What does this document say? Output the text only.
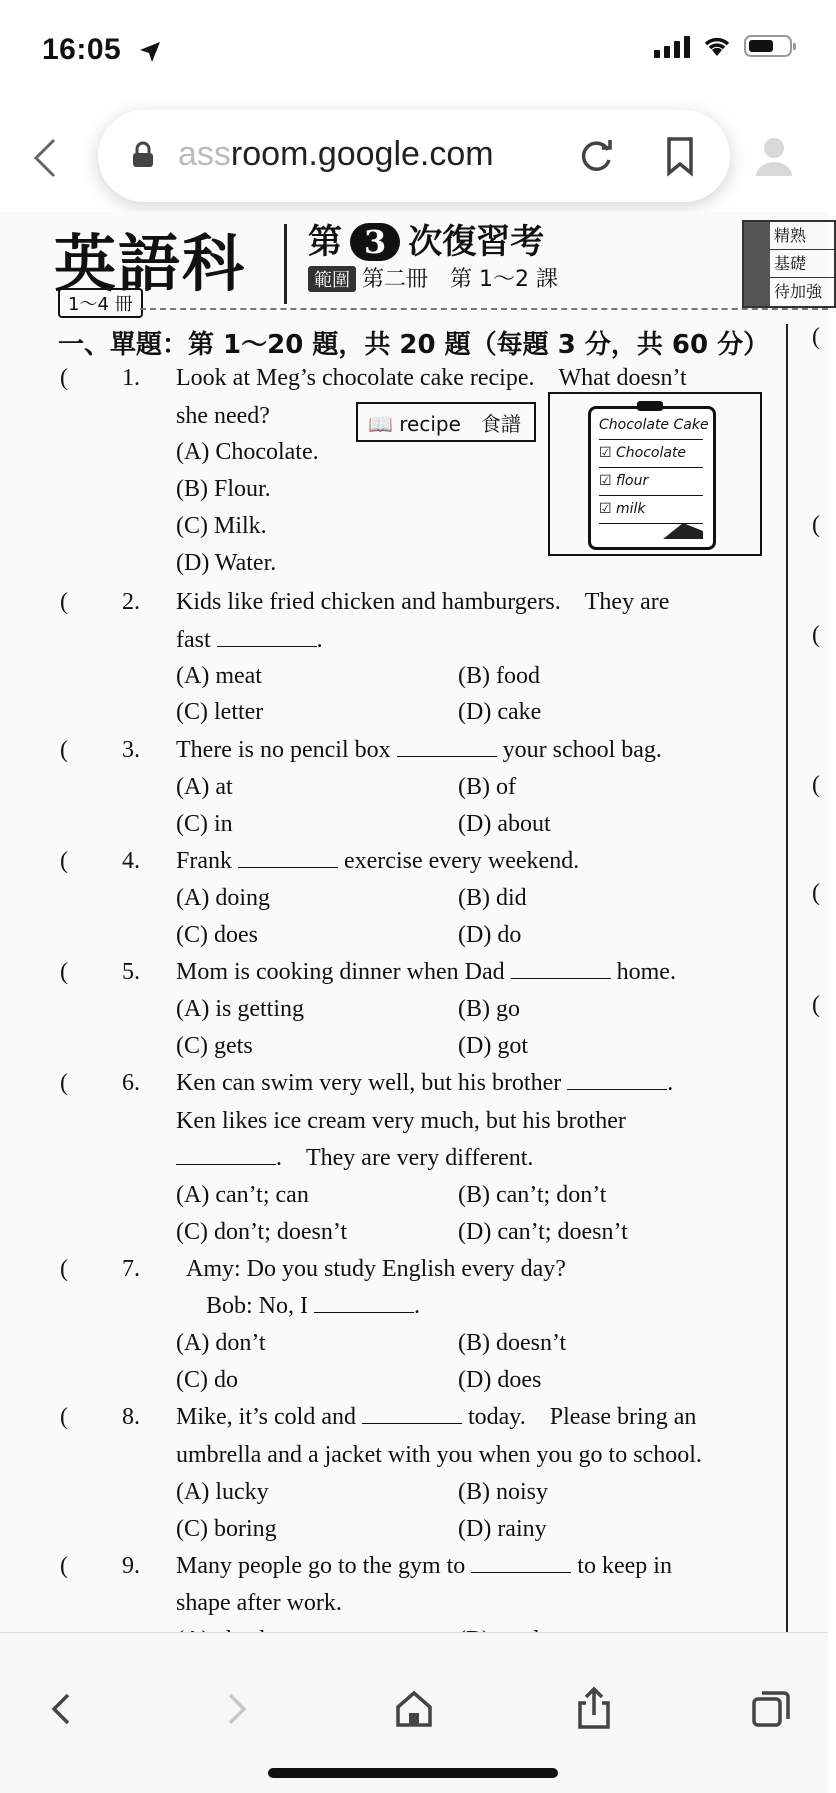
16:05
assroom.google.com
英語科 第 3 次復習考
範圍 第二冊　第 1～2 課
1～4 冊
精熟
基礎
待加強
一、單題：第 1～20 題，共 20 題（每題 3 分，共 60 分） (
(
(
(
(
(
( 1. Look at Meg’s chocolate cake recipe.　What doesn’t
she need?
(A) Chocolate.
(B) Flour.
(C) Milk.
(D) Water.
📖 recipe　食譜	Chocolate Cake
☑ Chocolate
☑ flour
☑ milk
( 2. Kids like fried chicken and hamburgers.　They are
fast	.
(A) meat	(B) food
(C) letter	(D) cake
( 3. There is no pencil box	your school bag.
(A) at	(B) of
(C) in	(D) about
( 4. Frank	exercise every weekend.
(A) doing	(B) did
(C) does	(D) do
( 5. Mom is cooking dinner when Dad	home.
(A) is getting	(B) go
(C) gets	(D) got
( 6. Ken can swim very well, but his brother	.
Ken likes ice cream very much, but his brother
.　They are very different.
(A) can’t; can	(B) can’t; don’t
(C) don’t; doesn’t	(D) can’t; doesn’t
( 7. Amy: Do you study English every day?
Bob: No, I	.
(A) don’t	(B) doesn’t
(C) do	(D) does
( 8. Mike, it’s cold and	today.　Please bring an
umbrella and a jacket with you when you go to school.
(A) lucky	(B) noisy
(C) boring	(D) rainy
( 9. Many people go to the gym to	to keep in
shape after work.
